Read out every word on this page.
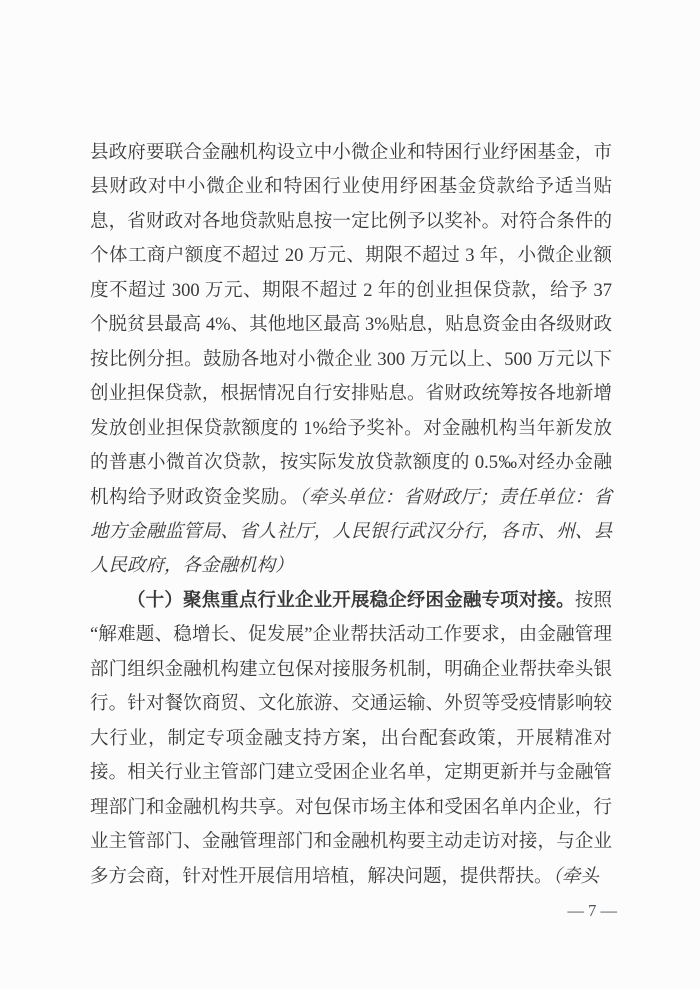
县政府要联合金融机构设立中小微企业和特困行业纾困基金，市县财政对中小微企业和特困行业使用纾困基金贷款给予适当贴息，省财政对各地贷款贴息按一定比例予以奖补。对符合条件的个体工商户额度不超过 20 万元、期限不超过 3 年，小微企业额度不超过 300 万元、期限不超过 2 年的创业担保贷款，给予 37 个脱贫县最高 4%、其他地区最高 3%贴息，贴息资金由各级财政按比例分担。鼓励各地对小微企业 300 万元以上、500 万元以下创业担保贷款，根据情况自行安排贴息。省财政统筹按各地新增发放创业担保贷款额度的 1%给予奖补。对金融机构当年新发放的普惠小微首次贷款，按实际发放贷款额度的 0.5‰对经办金融机构给予财政资金奖励。（牵头单位：省财政厅；责任单位：省地方金融监管局、省人社厅，人民银行武汉分行，各市、州、县人民政府，各金融机构）

（十）聚焦重点行业企业开展稳企纾困金融专项对接。按照“解难题、稳增长、促发展”企业帮扶活动工作要求，由金融管理部门组织金融机构建立包保对接服务机制，明确企业帮扶牵头银行。针对餐饮商贸、文化旅游、交通运输、外贸等受疫情影响较大行业，制定专项金融支持方案，出台配套政策，开展精准对接。相关行业主管部门建立受困企业名单，定期更新并与金融管理部门和金融机构共享。对包保市场主体和受困名单内企业，行业主管部门、金融管理部门和金融机构要主动走访对接，与企业多方会商，针对性开展信用培植，解决问题，提供帮扶。（牵头

— 7 —
